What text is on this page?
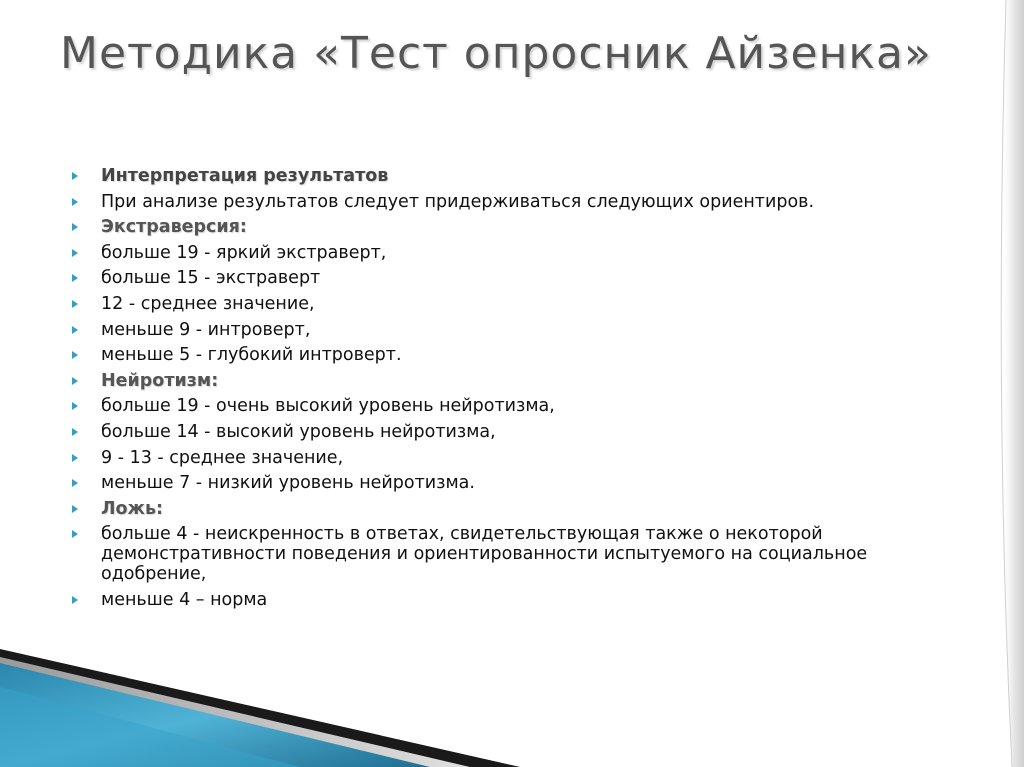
Методика «Тест опросник Айзенка»
Интерпретация результатов
При анализе результатов следует придерживаться следующих ориентиров.
Экстраверсия:
больше 19 - яркий экстраверт,
больше 15 - экстраверт
12 - среднее значение,
меньше 9 - интроверт,
меньше 5 - глубокий интроверт.
Нейротизм:
больше 19 - очень высокий уровень нейротизма,
больше 14 - высокий уровень нейротизма,
9 - 13 - среднее значение,
меньше 7 - низкий уровень нейротизма.
Ложь:
больше 4 - неискренность в ответах, свидетельствующая также о некоторой демонстративности поведения и ориентированности испытуемого на социальное одобрение,
меньше 4 – норма
